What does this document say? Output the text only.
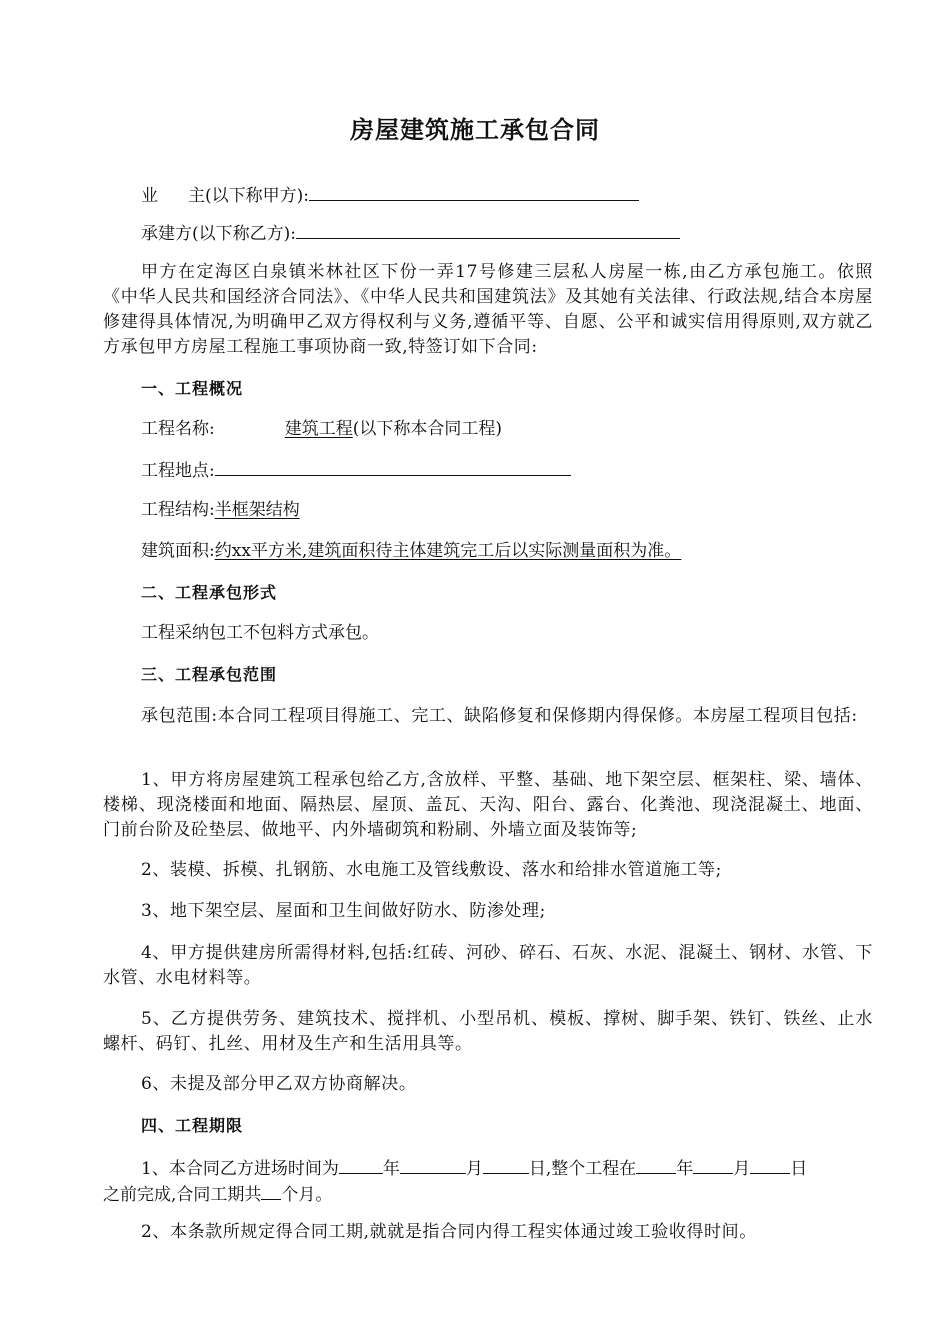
房屋建筑施工承包合同
业 主(以下称甲方):
承建方(以下称乙方):
甲方在定海区白泉镇米林社区下份一弄17号修建三层私人房屋一栋,由乙方承包施工。依照《中华人民共和国经济合同法》、《中华人民共和国建筑法》及其她有关法律、行政法规,结合本房屋修建得具体情况,为明确甲乙双方得权利与义务,遵循平等、自愿、公平和诚实信用得原则,双方就乙方承包甲方房屋工程施工事项协商一致,特签订如下合同:
一、工程概况
工程名称:	建筑工程(以下称本合同工程)
工程地点:
工程结构:半框架结构
建筑面积:约xx平方米,建筑面积待主体建筑完工后以实际测量面积为准。
二、工程承包形式
工程采纳包工不包料方式承包。
三、工程承包范围
承包范围:本合同工程项目得施工、完工、缺陷修复和保修期内得保修。本房屋工程项目包括:
1、甲方将房屋建筑工程承包给乙方,含放样、平整、基础、地下架空层、框架柱、梁、墙体、楼梯、现浇楼面和地面、隔热层、屋顶、盖瓦、天沟、阳台、露台、化粪池、现浇混凝土、地面、门前台阶及砼垫层、做地平、内外墙砌筑和粉刷、外墙立面及装饰等;
2、装模、拆模、扎钢筋、水电施工及管线敷设、落水和给排水管道施工等;
3、地下架空层、屋面和卫生间做好防水、防渗处理;
4、甲方提供建房所需得材料,包括:红砖、河砂、碎石、石灰、水泥、混凝土、钢材、水管、下水管、水电材料等。
5、乙方提供劳务、建筑技术、搅拌机、小型吊机、模板、撑树、脚手架、铁钉、铁丝、止水螺杆、码钉、扎丝、用材及生产和生活用具等。
6、未提及部分甲乙双方协商解决。
四、工程期限
1、本合同乙方进场时间为	年	月	日,整个工程在 年 月 日
之前完成,合同工期共 个月。
2、本条款所规定得合同工期,就就是指合同内得工程实体通过竣工验收得时间。
